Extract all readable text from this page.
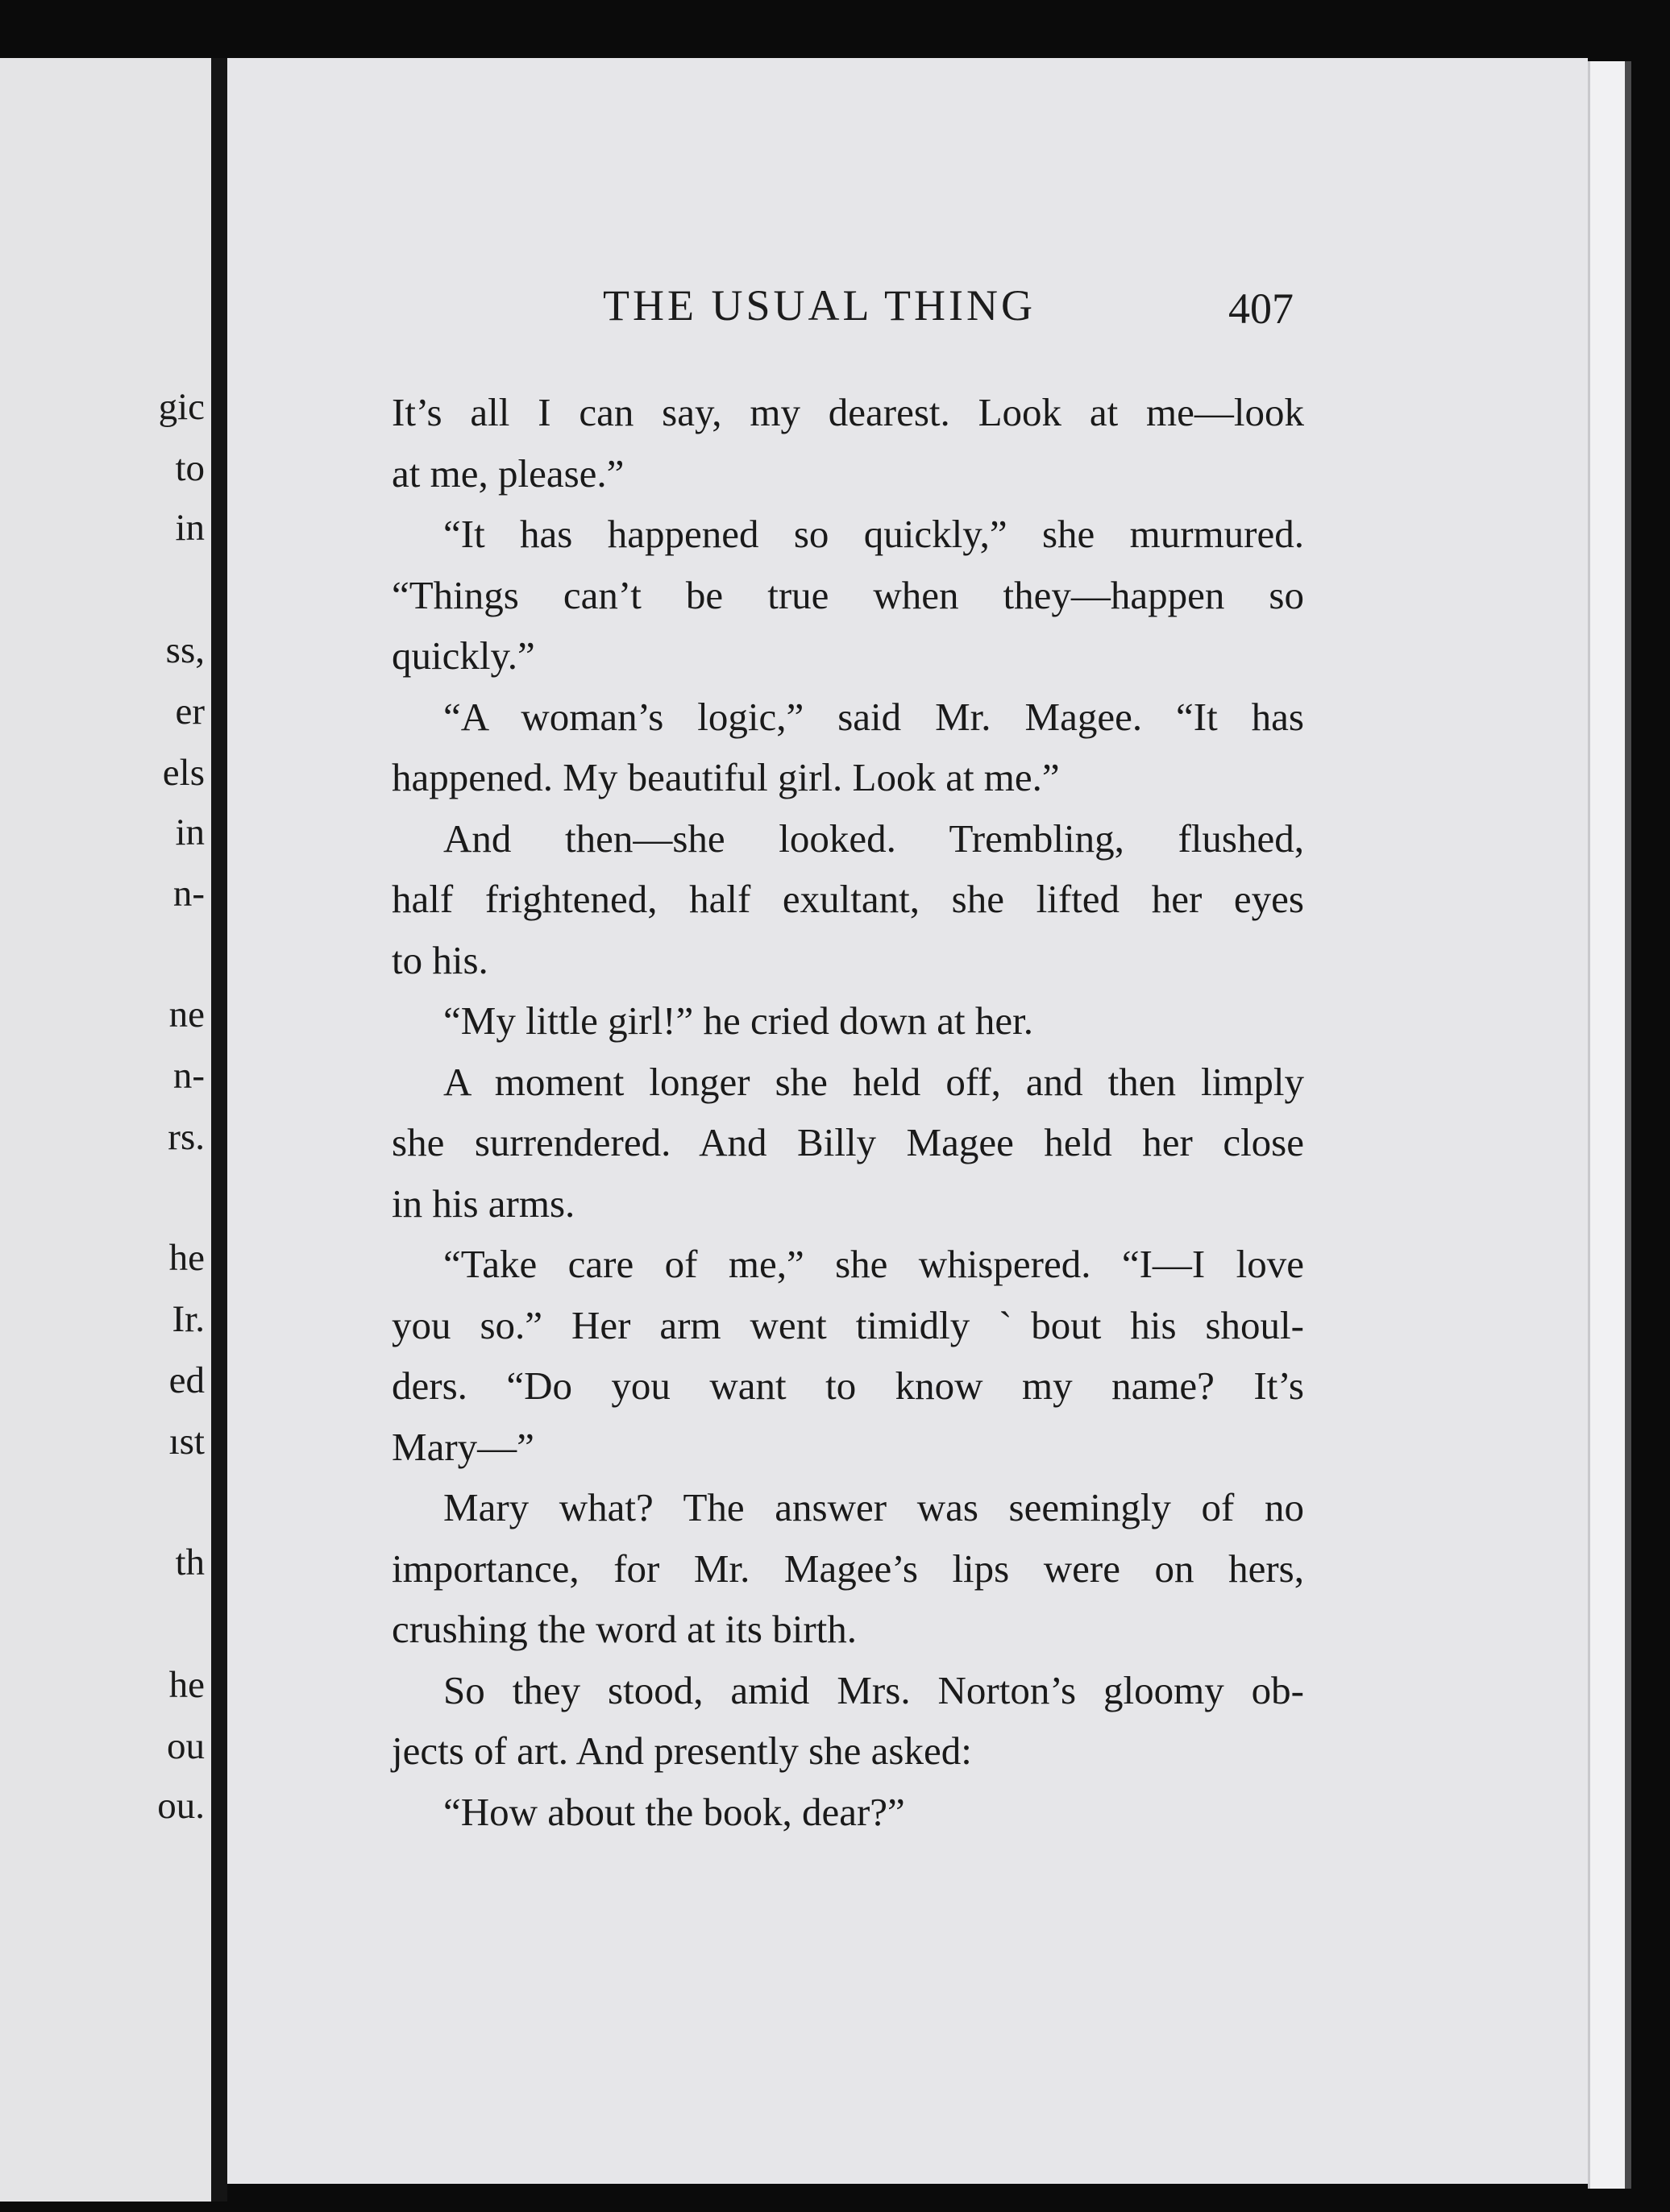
gic
to
in
ss,
er
els
in
n-
ne
n-
rs.
he
Ir.
ed
ıst
th
he
ou
ou.
THE USUAL THING	407
It’s all I can say, my dearest. Look at me—look
at me, please.”
“It has happened so quickly,” she murmured.
“Things can’t be true when they—happen so
quickly.”
“A woman’s logic,” said Mr. Magee. “It has
happened. My beautiful girl. Look at me.”
And then—she looked. Trembling, flushed,
half frightened, half exultant, she lifted her eyes
to his.
“My little girl!” he cried down at her.
A moment longer she held off, and then limply
she surrendered. And Billy Magee held her close
in his arms.
“Take care of me,” she whispered. “I—I love
you so.” Her arm went timidly ˋbout his shoul-
ders. “Do you want to know my name? It’s
Mary—”
Mary what? The answer was seemingly of no
importance, for Mr. Magee’s lips were on hers,
crushing the word at its birth.
So they stood, amid Mrs. Norton’s gloomy ob-
jects of art. And presently she asked:
“How about the book, dear?”
